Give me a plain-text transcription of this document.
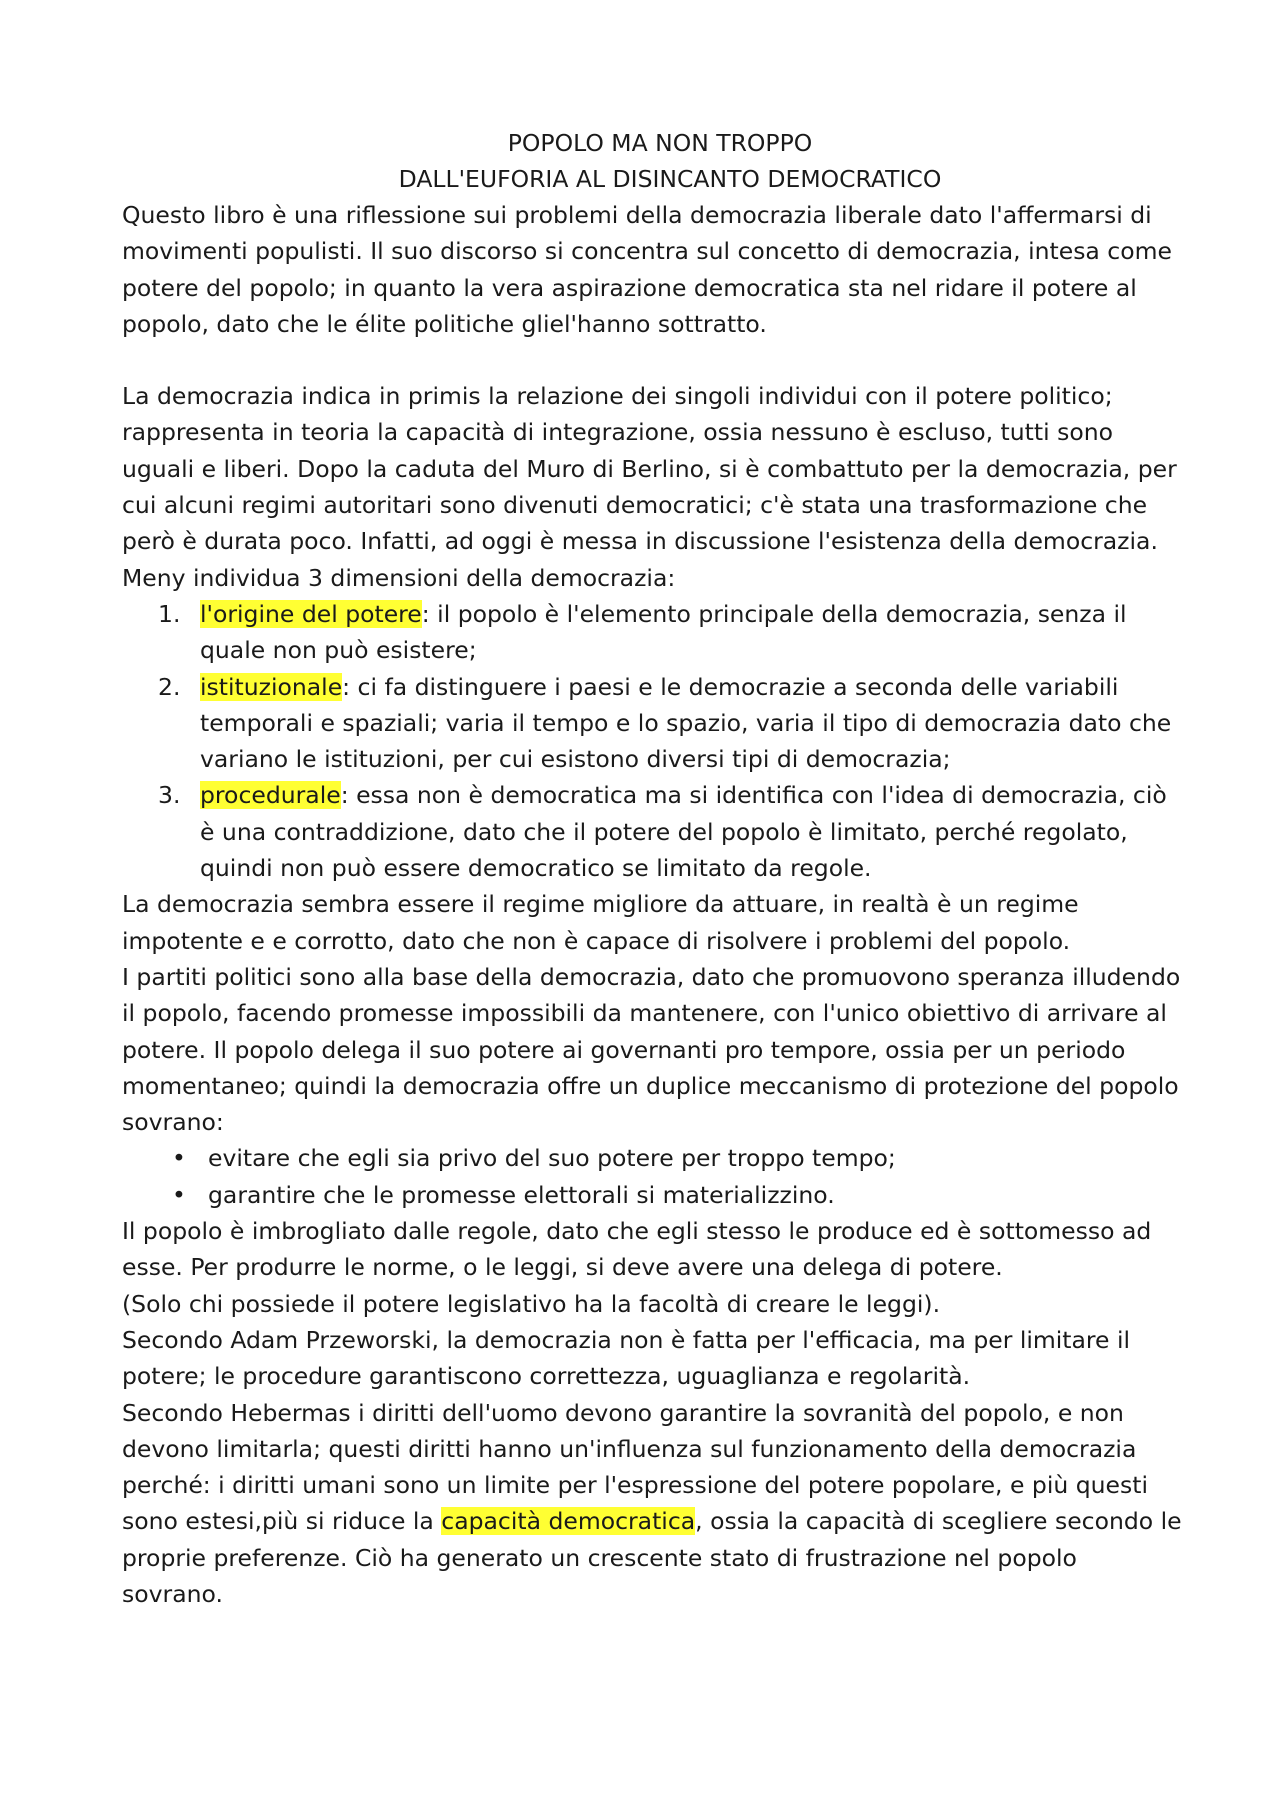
POPOLO MA NON TROPPO
DALL'EUFORIA AL DISINCANTO DEMOCRATICO

Questo libro è una riflessione sui problemi della democrazia liberale dato l'affermarsi di movimenti populisti. Il suo discorso si concentra sul concetto di democrazia, intesa come potere del popolo; in quanto la vera aspirazione democratica sta nel ridare il potere al popolo, dato che le élite politiche gliel'hanno sottratto.

La democrazia indica in primis la relazione dei singoli individui con il potere politico; rappresenta in teoria la capacità di integrazione, ossia nessuno è escluso, tutti sono uguali e liberi. Dopo la caduta del Muro di Berlino, si è combattuto per la democrazia, per cui alcuni regimi autoritari sono divenuti democratici; c'è stata una trasformazione che però è durata poco. Infatti, ad oggi è messa in discussione l'esistenza della democrazia. Meny individua 3 dimensioni della democrazia:

1. l'origine del potere: il popolo è l'elemento principale della democrazia, senza il quale non può esistere;
2. istituzionale: ci fa distinguere i paesi e le democrazie a seconda delle variabili temporali e spaziali; varia il tempo e lo spazio, varia il tipo di democrazia dato che variano le istituzioni, per cui esistono diversi tipi di democrazia;
3. procedurale: essa non è democratica ma si identifica con l'idea di democrazia, ciò è una contraddizione, dato che il potere del popolo è limitato, perché regolato, quindi non può essere democratico se limitato da regole.

La democrazia sembra essere il regime migliore da attuare, in realtà è un regime impotente e e corrotto, dato che non è capace di risolvere i problemi del popolo.

I partiti politici sono alla base della democrazia, dato che promuovono speranza illudendo il popolo, facendo promesse impossibili da mantenere, con l'unico obiettivo di arrivare al potere. Il popolo delega il suo potere ai governanti pro tempore, ossia per un periodo momentaneo; quindi la democrazia offre un duplice meccanismo di protezione del popolo sovrano:

• evitare che egli sia privo del suo potere per troppo tempo;
• garantire che le promesse elettorali si materializzino.

Il popolo è imbrogliato dalle regole, dato che egli stesso le produce ed è sottomesso ad esse. Per produrre le norme, o le leggi, si deve avere una delega di potere.

(Solo chi possiede il potere legislativo ha la facoltà di creare le leggi).

Secondo Adam Przeworski, la democrazia non è fatta per l'efficacia, ma per limitare il potere; le procedure garantiscono correttezza, uguaglianza e regolarità.

Secondo Hebermas i diritti dell'uomo devono garantire la sovranità del popolo, e non devono limitarla; questi diritti hanno un'influenza sul funzionamento della democrazia perché: i diritti umani sono un limite per l'espressione del potere popolare, e più questi sono estesi,più si riduce la capacità democratica, ossia la capacità di scegliere secondo le proprie preferenze. Ciò ha generato un crescente stato di frustrazione nel popolo sovrano.
